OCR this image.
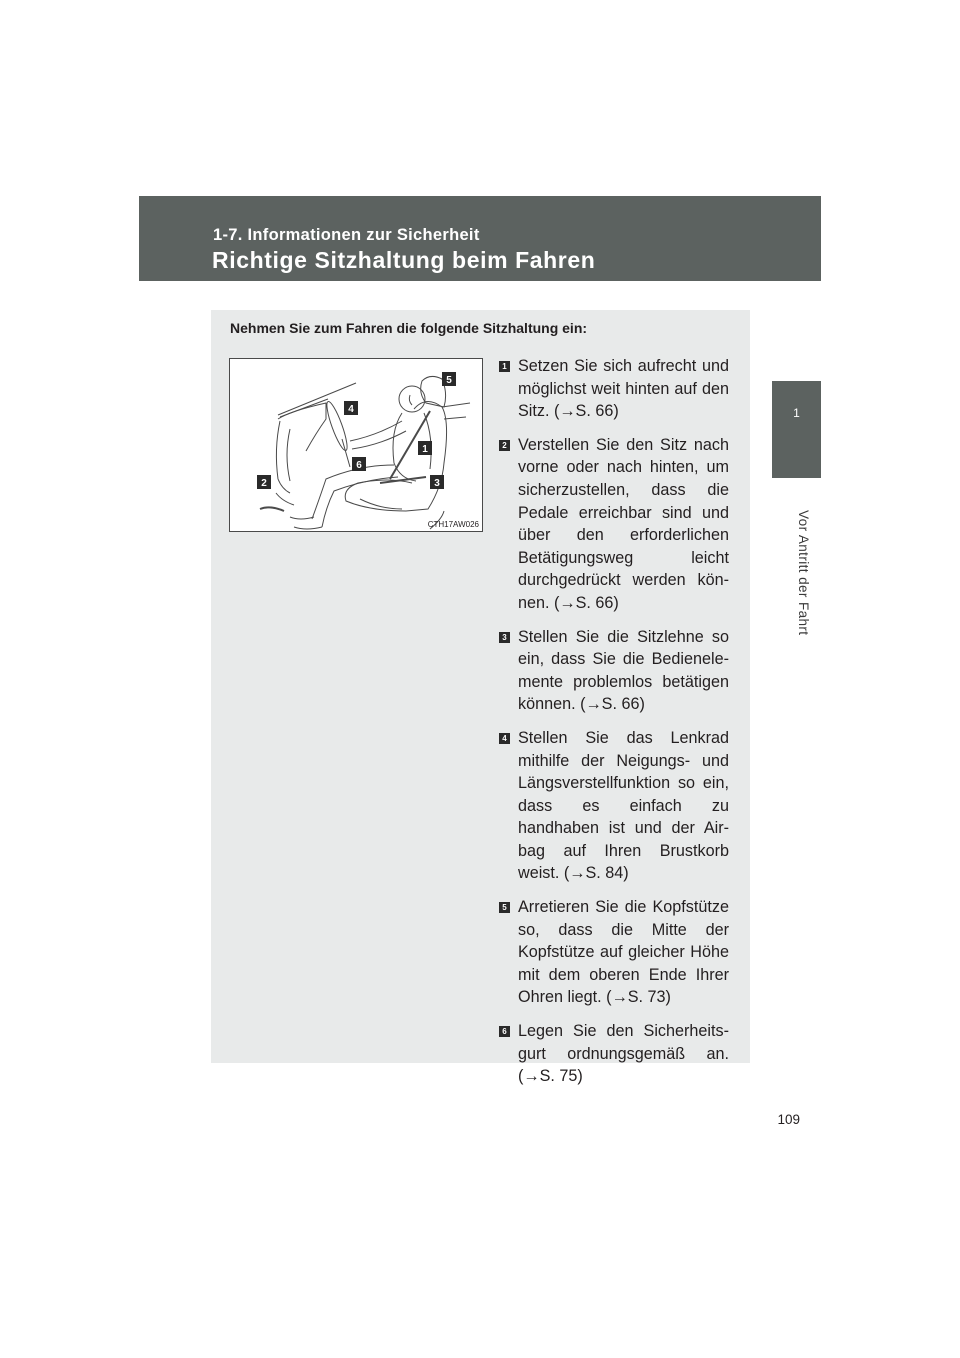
1-7. Informationen zur Sicherheit
Richtige Sitzhaltung beim Fahren
1
Vor Antritt der Fahrt
Nehmen Sie zum Fahren die folgende Sitzhaltung ein:
1
2	3
4
5
6
CTH17AW026
1 Setzen Sie sich aufrecht und möglichst weit hinten auf den Sitz. (→S. 66)
2 Verstellen Sie den Sitz nach vorne oder nach hinten, um sicherzustellen, dass die Pedale erreichbar sind und über den erforderlichen Betätigungsweg leicht durchgedrückt werden können. (→S. 66)
3 Stellen Sie die Sitzlehne so ein, dass Sie die Bedienelemente problemlos betätigen können. (→S. 66)
4 Stellen Sie das Lenkrad mithilfe der Neigungs- und Längsverstellfunktion so ein, dass es einfach zu handhaben ist und der Airbag auf Ihren Brustkorb weist. (→S. 84)
5 Arretieren Sie die Kopfstütze so, dass die Mitte der Kopfstütze auf gleicher Höhe mit dem oberen Ende Ihrer Ohren liegt. (→S. 73)
6 Legen Sie den Sicherheitsgurt ordnungsgemäß an. (→S. 75)
109
